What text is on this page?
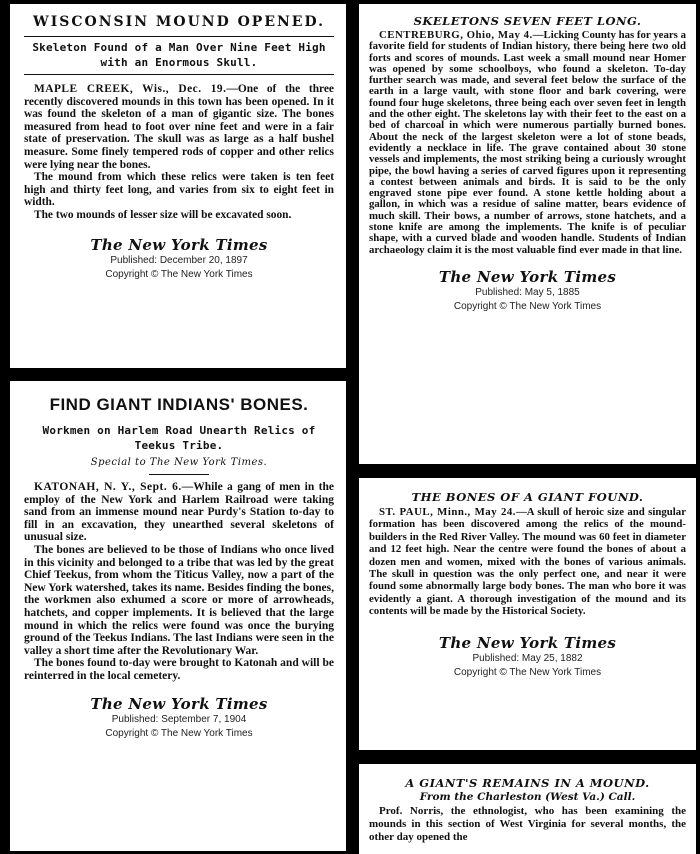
WISCONSIN MOUND OPENED.
Skeleton Found of a Man Over Nine Feet High with an Enormous Skull.

MAPLE CREEK, Wis., Dec. 19.—One of the three recently discovered mounds in this town has been opened. In it was found the skeleton of a man of gigantic size. The bones measured from head to foot over nine feet and were in a fair state of preservation. The skull was as large as a half bushel measure. Some finely tempered rods of copper and other relics were lying near the bones.

The mound from which these relics were taken is ten feet high and thirty feet long, and varies from six to eight feet in width.

The two mounds of lesser size will be excavated soon.

The New York Times
Published: December 20, 1897
Copyright © The New York Times
FIND GIANT INDIANS' BONES.
Workmen on Harlem Road Unearth Relics of Teekus Tribe.
Special to The New York Times.

KATONAH, N. Y., Sept. 6.—While a gang of men in the employ of the New York and Harlem Railroad were taking sand from an immense mound near Purdy's Station to-day to fill in an excavation, they unearthed several skeletons of unusual size.

The bones are believed to be those of Indians who once lived in this vicinity and belonged to a tribe that was led by the great Chief Teekus, from whom the Titicus Valley, now a part of the New York watershed, takes its name. Besides finding the bones, the workmen also exhumed a score or more of arrowheads, hatchets, and copper implements. It is believed that the large mound in which the relics were found was once the burying ground of the Teekus Indians. The last Indians were seen in the valley a short time after the Revolutionary War.

The bones found to-day were brought to Katonah and will be reinterred in the local cemetery.

The New York Times
Published: September 7, 1904
Copyright © The New York Times
SKELETONS SEVEN FEET LONG.

CENTREBURG, Ohio, May 4.—Licking County has for years a favorite field for students of Indian history, there being here two old forts and scores of mounds. Last week a small mound near Homer was opened by some schoolboys, who found a skeleton. To-day further search was made, and several feet below the surface of the earth in a large vault, with stone floor and bark covering, were found four huge skeletons, three being each over seven feet in length and the other eight. The skeletons lay with their feet to the east on a bed of charcoal in which were numerous partially burned bones. About the neck of the largest skeleton were a lot of stone beads, evidently a necklace in life. The grave contained about 30 stone vessels and implements, the most striking being a curiously wrought pipe, the bowl having a series of carved figures upon it representing a contest between animals and birds. It is said to be the only engraved stone pipe ever found. A stone kettle holding about a gallon, in which was a residue of saline matter, bears evidence of much skill. Their bows, a number of arrows, stone hatchets, and a stone knife are among the implements. The knife is of peculiar shape, with a curved blade and wooden handle. Students of Indian archaeology claim it is the most valuable find ever made in that line.

The New York Times
Published: May 5, 1885
Copyright © The New York Times
THE BONES OF A GIANT FOUND.

ST. PAUL, Minn., May 24.—A skull of heroic size and singular formation has been discovered among the relics of the mound-builders in the Red River Valley. The mound was 60 feet in diameter and 12 feet high. Near the centre were found the bones of about a dozen men and women, mixed with the bones of various animals. The skull in question was the only perfect one, and near it were found some abnormally large body bones. The man who bore it was evidently a giant. A thorough investigation of the mound and its contents will be made by the Historical Society.

The New York Times
Published: May 25, 1882
Copyright © The New York Times
A GIANT'S REMAINS IN A MOUND.
From the Charleston (West Va.) Call.

Prof. Norris, the ethnologist, who has been examining the mounds in this section of West Virginia for several months, the other day opened the
